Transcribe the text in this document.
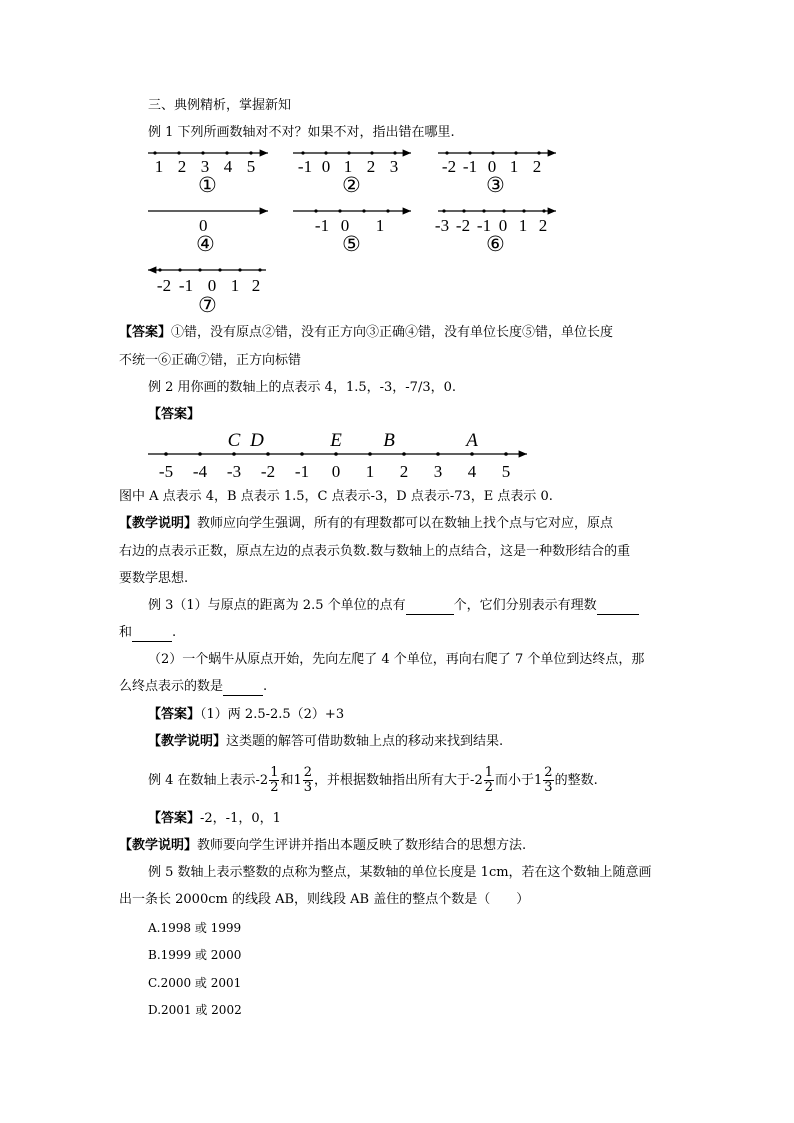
三、典例精析，掌握新知
例 1 下列所画数轴对不对？如果不对，指出错在哪里.
1 2 3 4 5
①
-1 0 1 2 3
②
-2 -1 0 1 2
③
0
④
-1 0 1
⑤
-3 -2 -1 0 1 2
⑥
-2 -1 0 1 2
⑦
【答案】①错，没有原点②错，没有正方向③正确④错，没有单位长度⑤错，单位长度
不统一⑥正确⑦错，正方向标错
例 2 用你画的数轴上的点表示 4，1.5，-3，-7/3，0.
【答案】
-5 -4 -3 -2 -1 0 1 2 3 4 5
C D	E B	A
图中 A 点表示 4，B 点表示 1.5，C 点表示-3，D 点表示-73，E 点表示 0.
【教学说明】教师应向学生强调，所有的有理数都可以在数轴上找个点与它对应，原点
右边的点表示正数，原点左边的点表示负数.数与数轴上的点结合，这是一种数形结合的重
要数学思想.
例 3（1）与原点的距离为 2.5 个单位的点有	个，它们分别表示有理数
和	.
（2）一个蜗牛从原点开始，先向左爬了 4 个单位，再向右爬了 7 个单位到达终点，那
么终点表示的数是	.
【答案】（1）两 2.5-2.5（2）+3
【教学说明】这类题的解答可借助数轴上点的移动来找到结果.
例 4 在数轴上表示$-2 \frac{1}{2}$ 和$1 \frac{2}{3}$ ，并根据数轴指出所有大于$-2 \frac{1}{2}$ 而小于$1 \frac{2}{3}$ 的整数.
【答案】-2，-1，0，1
【教学说明】教师要向学生评讲并指出本题反映了数形结合的思想方法.
例 5 数轴上表示整数的点称为整点，某数轴的单位长度是 1cm，若在这个数轴上随意画
出一条长 2000cm 的线段 AB，则线段 AB 盖住的整点个数是（　　）
A.1998 或 1999
B.1999 或 2000
C.2000 或 2001
D.2001 或 2002
